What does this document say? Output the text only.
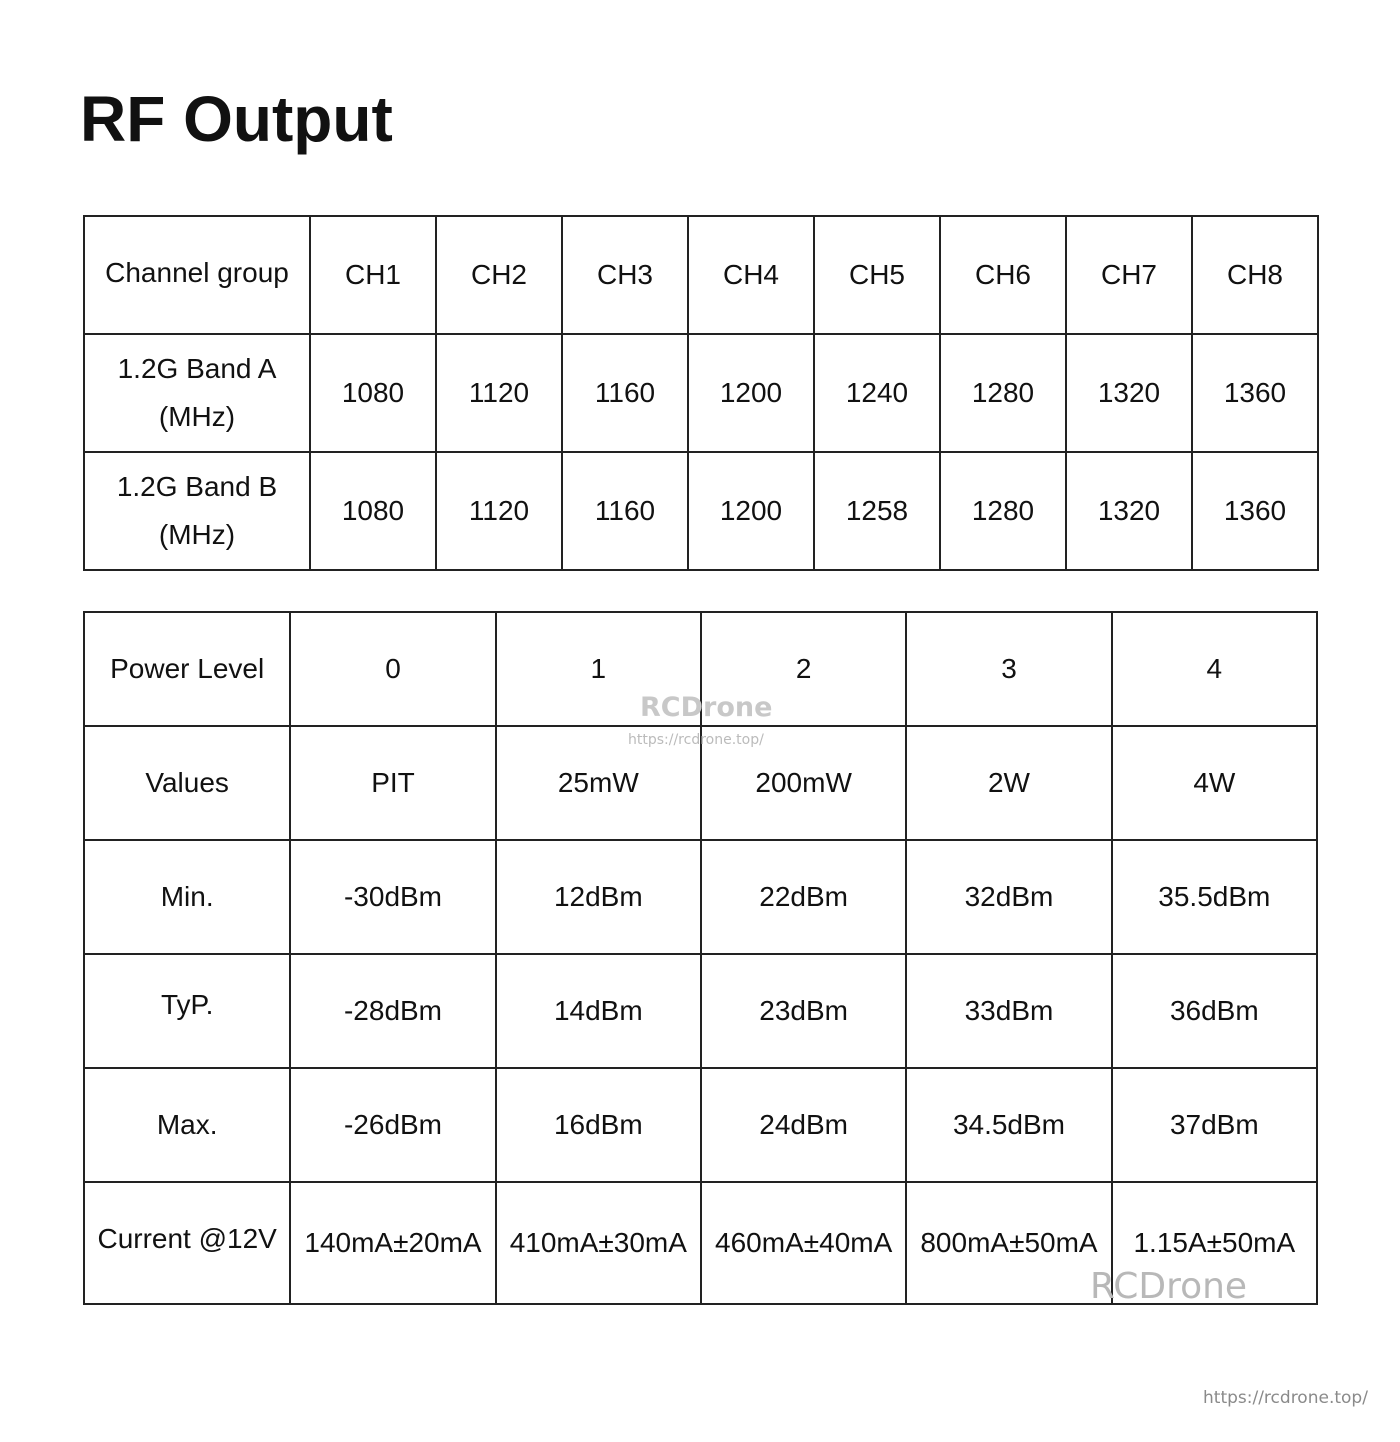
RF Output
Channel group	CH1	CH2	CH3	CH4	CH5	CH6	CH7	CH8

1.2G Band A
(MHz)	1080	1120	1160	1200	1240	1280	1320	1360

1.2G Band B
(MHz)	1080	1120	1160	1200	1258	1280	1320	1360
Power Level	0	1	2	3	4
Values	PIT	25mW	200mW	2W	4W
Min.	-30dBm	12dBm	22dBm	32dBm	35.5dBm
TyP.	-28dBm	14dBm	23dBm	33dBm	36dBm
Max.	-26dBm	16dBm	24dBm	34.5dBm	37dBm
Current @12V	140mA±20mA	410mA±30mA	460mA±40mA	800mA±50mA	1.15A±50mA
RCDrone
https://rcdrone.top/
RCDrone
https://rcdrone.top/
